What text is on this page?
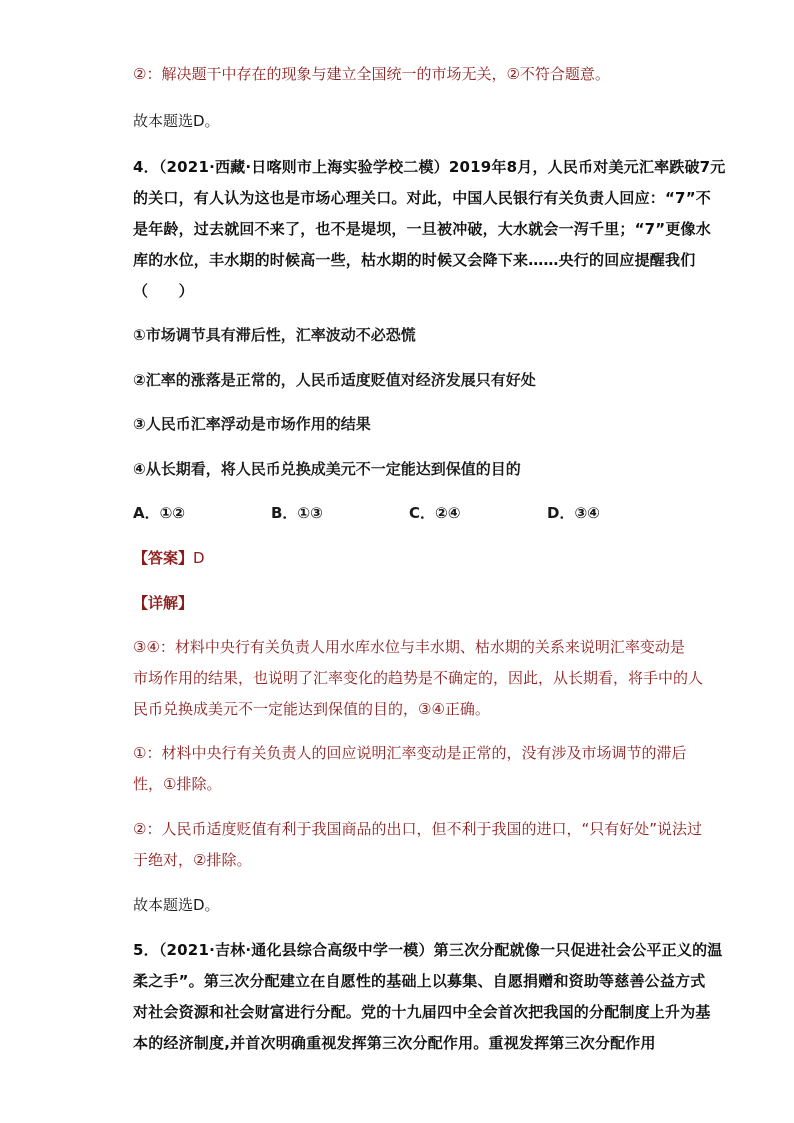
②：解决题干中存在的现象与建立全国统一的市场无关，②不符合题意。
故本题选D。
4．（2021·西藏·日喀则市上海实验学校二模）2019年8月，人民币对美元汇率跌破7元
的关口，有人认为这也是市场心理关口。对此，中国人民银行有关负责人回应：“7”不
是年龄，过去就回不来了，也不是堤坝，一旦被冲破，大水就会一泻千里；“7”更像水
库的水位，丰水期的时候高一些，枯水期的时候又会降下来……央行的回应提醒我们
（　　）
①市场调节具有滞后性，汇率波动不必恐慌
②汇率的涨落是正常的，人民币适度贬值对经济发展只有好处
③人民币汇率浮动是市场作用的结果
④从长期看，将人民币兑换成美元不一定能达到保值的目的
A．①②	B．①③	C．②④	D．③④
【答案】D
【详解】
③④：材料中央行有关负责人用水库水位与丰水期、枯水期的关系来说明汇率变动是
市场作用的结果，也说明了汇率变化的趋势是不确定的，因此，从长期看，将手中的人
民币兑换成美元不一定能达到保值的目的，③④正确。
①：材料中央行有关负责人的回应说明汇率变动是正常的，没有涉及市场调节的滞后
性，①排除。
②：人民币适度贬值有利于我国商品的出口，但不利于我国的进口，“只有好处”说法过
于绝对，②排除。
故本题选D。
5．（2021·吉林·通化县综合高级中学一模）第三次分配就像一只促进社会公平正义的温
柔之手”。第三次分配建立在自愿性的基础上以募集、自愿捐赠和资助等慈善公益方式
对社会资源和社会财富进行分配。党的十九届四中全会首次把我国的分配制度上升为基
本的经济制度,并首次明确重视发挥第三次分配作用。重视发挥第三次分配作用
